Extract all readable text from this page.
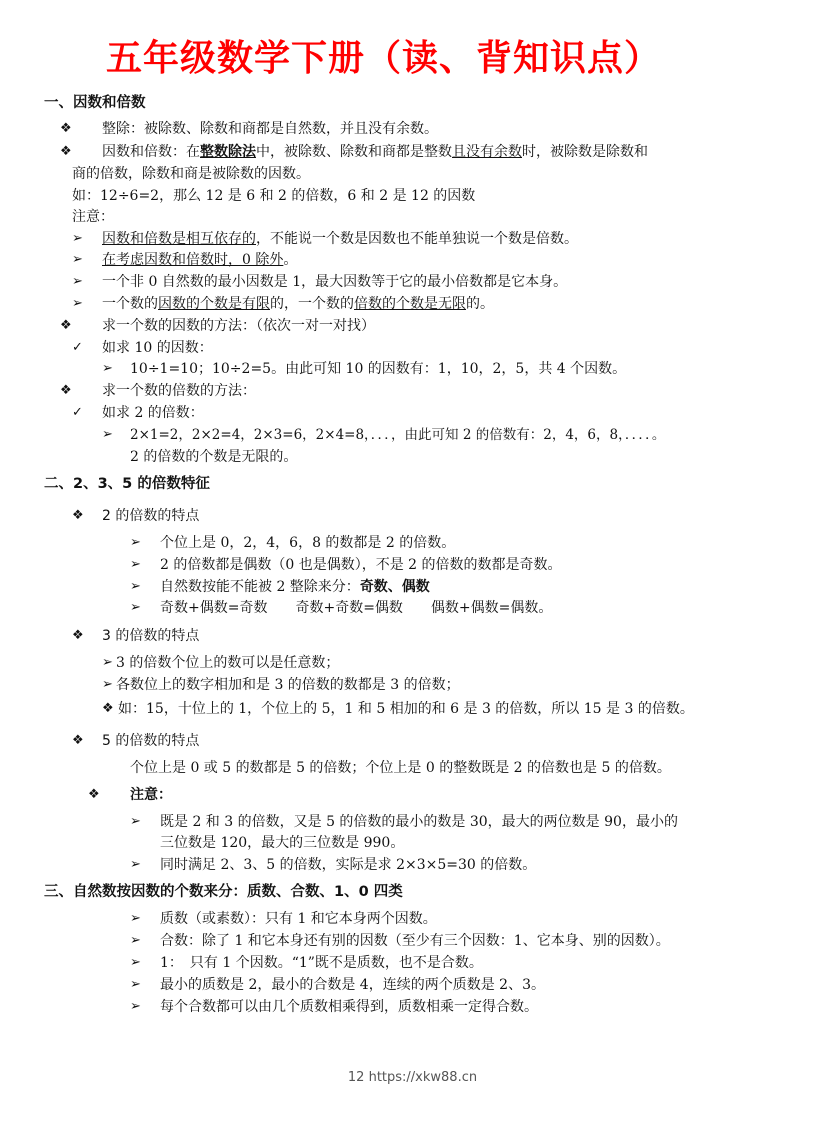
五年级数学下册（读、背知识点）
一、因数和倍数
❖ 整除：被除数、除数和商都是自然数，并且没有余数。
❖ 因数和倍数：在整数除法中，被除数、除数和商都是整数且没有余数时，被除数是除数和
商的倍数，除数和商是被除数的因数。
如：12÷6=2，那么 12 是 6 和 2 的倍数，6 和 2 是 12 的因数
注意：
➢ 因数和倍数是相互依存的，不能说一个数是因数也不能单独说一个数是倍数。
➢ 在考虑因数和倍数时，0 除外。
➢ 一个非 0 自然数的最小因数是 1，最大因数等于它的最小倍数都是它本身。
➢ 一个数的因数的个数是有限的，一个数的倍数的个数是无限的。
❖ 求一个数的因数的方法：（依次一对一对找）
✓ 如求 10 的因数：
➢ 10÷1=10；10÷2=5。由此可知 10 的因数有：1，10，2，5，共 4 个因数。
❖ 求一个数的倍数的方法：
✓ 如求 2 的倍数：
➢ 2×1=2，2×2=4，2×3=6，2×4=8，．．．，由此可知 2 的倍数有：2，4，6，8，．．．．。
2 的倍数的个数是无限的。
二、2、3、5 的倍数特征
❖ 2 的倍数的特点
➢ 个位上是 0，2，4，6，8 的数都是 2 的倍数。
➢ 2 的倍数都是偶数（0 也是偶数），不是 2 的倍数的数都是奇数。
➢ 自然数按能不能被 2 整除来分：奇数、偶数
➢ 奇数+偶数=奇数　　奇数+奇数=偶数　　偶数+偶数=偶数。
❖ 3 的倍数的特点
➢ 3 的倍数个位上的数可以是任意数；
➢ 各数位上的数字相加和是 3 的倍数的数都是 3 的倍数；
❖ 如：15，十位上的 1，个位上的 5，1 和 5 相加的和 6 是 3 的倍数，所以 15 是 3 的倍数。
❖ 5 的倍数的特点
个位上是 0 或 5 的数都是 5 的倍数；个位上是 0 的整数既是 2 的倍数也是 5 的倍数。
❖ 注意：
➢ 既是 2 和 3 的倍数，又是 5 的倍数的最小的数是 30，最大的两位数是 90，最小的
三位数是 120，最大的三位数是 990。
➢ 同时满足 2、3、5 的倍数，实际是求 2×3×5=30 的倍数。
三、自然数按因数的个数来分：质数、合数、1、0 四类
➢ 质数（或素数）：只有 1 和它本身两个因数。
➢ 合数：除了 1 和它本身还有别的因数（至少有三个因数：1、它本身、别的因数）。
➢ 1：　只有 1 个因数。“1”既不是质数，也不是合数。
➢ 最小的质数是 2，最小的合数是 4，连续的两个质数是 2、3。
➢ 每个合数都可以由几个质数相乘得到，质数相乘一定得合数。
12 https://xkw88.cn
